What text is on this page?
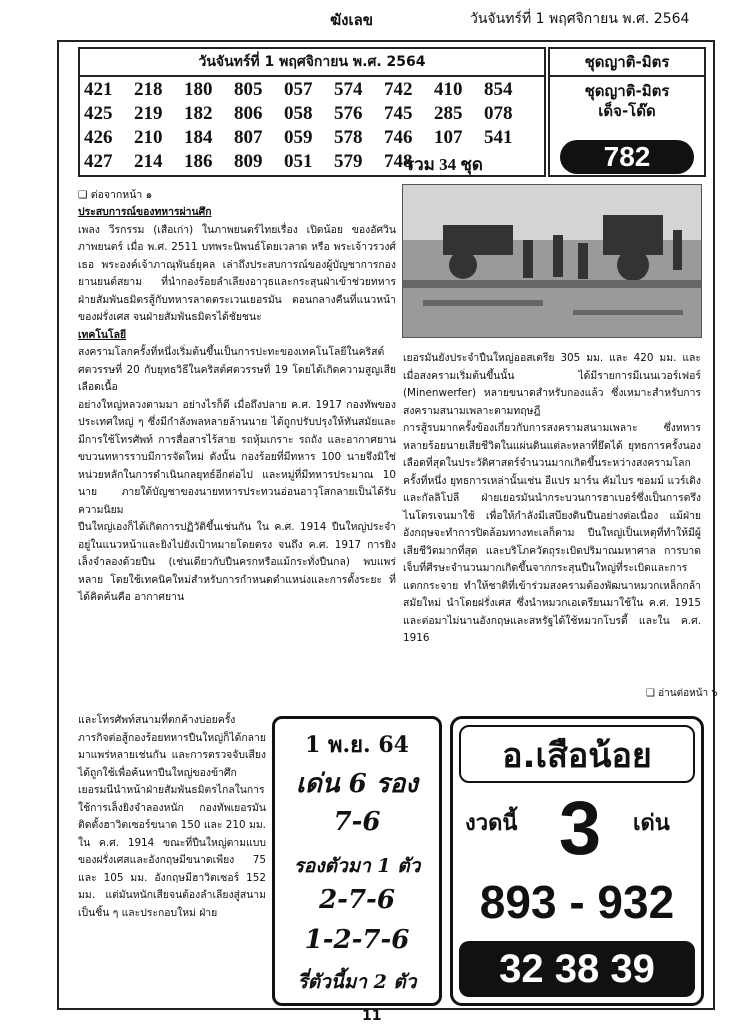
ฆังเลข	วันจันทร์ที่ 1 พฤศจิกายน พ.ศ. 2564
วันจันทร์ที่ 1 พฤศจิกายน พ.ศ. 2564
421	218	180	805	057	574	742	410	854
425	219	182	806	058	576	745	285	078
426	210	184	807	059	578	746	107	541
427	214	186	809	051	579	748
รวม 34 ชุด
ชุดญาติ-มิตร
ชุดญาติ-มิตร
เด็จ-โด๊ด
782
❑ ต่อจากหน้า ๑

ประสบการณ์ของทหารผ่านศึก

เพลง วีรกรรม (เสือเก่า) ในภาพยนตร์ไทยเรื่อง เปิดน้อย ของอัศวินภาพยนตร์ เมื่อ พ.ศ. 2511 บทพระนิพนธ์โดยเวลาด หรือ พระเจ้าวรวงศ์เธอ พระองค์เจ้าภาณุพันธ์ยุคล เล่าถึงประสบการณ์ของผู้บัญชาการกองยานยนต์สยาม ที่นำกองร้อยลำเลียงอาวุธและกระสุนฝ่าเข้าช่วยทหารฝ่ายสัมพันธมิตรสู้กับทหารลาดตระเวนเยอรมัน ตอนกลางคืนที่แนวหน้าของฝรั่งเศส จนฝ่ายสัมพันธมิตรได้ชัยชนะ

เทคโนโลยี

สงครามโลกครั้งที่หนึ่งเริ่มต้นขึ้นเป็นการปะทะของเทคโนโลยีในคริสต์ศตวรรษที่ 20 กับยุทธวิธีในคริสต์ศตวรรษที่ 19 โดยได้เกิดความสูญเสียเลือดเนื้อ

อย่างใหญ่หลวงตามมา อย่างไรก็ดี เมื่อถึงปลาย ค.ศ. 1917 กองทัพของประเทศใหญ่ ๆ ซึ่งมีกำลังพลหลายล้านนาย ได้ถูกปรับปรุงให้ทันสมัยและมีการใช้โทรศัพท์ การสื่อสารไร้สาย รถหุ้มเกราะ รถถัง และอากาศยาน ขบวนทหารราบมีการจัดใหม่ ดังนั้น กองร้อยที่มีทหาร 100 นายจึงมิใช่หน่วยหลักในการดำเนินกลยุทธ์อีกต่อไป และหมู่ที่มีทหารประมาณ 10 นาย ภายใต้บัญชาของนายทหารประทวนอ่อนอาวุโสกลายเป็นได้รับความนิยม

ปืนใหญ่เองก็ได้เกิดการปฏิวัติขึ้นเช่นกัน ใน ค.ศ. 1914 ปืนใหญ่ประจำอยู่ในแนวหน้าและยิงไปยังเป้าหมายโดยตรง จนถึง ค.ศ. 1917 การยิงเล็งจำลองด้วยปืน (เช่นเดียวกับปืนครกหรือแม้กระทั่งปืนกล) พบแพร่หลาย โดยใช้เทคนิคใหม่สำหรับการกำหนดตำแหน่งและการตั้งระยะ ที่ได้คิดค้นคือ อากาศยาน

และโทรศัพท์สนามที่ตกค้างบ่อยครั้ง ภารกิจต่อสู้กองร้อยทหารปืนใหญ่ก็ได้กลายมาแพร่หลายเช่นกัน และการตรวจจับเสียงได้ถูกใช้เพื่อค้นหาปืนใหญ่ของข้าศึก

เยอรมนีนำหน้าฝ่ายสัมพันธมิตรไกลในการใช้การเล็งยิงจำลองหนัก กองทัพเยอรมันติดตั้งฮาวิตเซอร์ขนาด 150 และ 210 มม. ใน ค.ศ. 1914 ขณะที่ปืนใหญ่ตามแบบของฝรั่งเศสและอังกฤษมีขนาดเพียง 75 และ 105 มม. อังกฤษมีฮาวิตเซอร์ 152 มม. แต่มันหนักเสียจนต้องลำเลียงสู่สนามเป็นชิ้น ๆ และประกอบใหม่ ฝ่าย

เยอรมันยังประจำปืนใหญ่ออสเตรีย 305 มม. และ 420 มม. และเมื่อสงครามเริ่มต้นขึ้นนั้น ได้มีรายการมีเนนเวอร์เฟอร์ (Minenwerfer) หลายขนาดสำหรับกองแล้ว ซึ่งเหมาะสำหรับการสงครามสนามเพลาะตามทฤษฎี

การสู้รบมากครั้งข้องเกี่ยวกับการสงครามสนามเพลาะ ซึ่งทหารหลายร้อยนายเสียชีวิตในแผ่นดินแต่ละหลาที่ยึดได้ ยุทธการครั้งนองเลือดที่สุดในประวัติศาสตร์จำนวนมากเกิดขึ้นระหว่างสงครามโลกครั้งที่หนึ่ง ยุทธการเหล่านั้นเช่น อีแปร มาร์น คัมไบร ซอมม์ แวร์เดิง และกัลลิโปลี ฝ่ายเยอรมันนำกระบวนการฮาเบอร์ซึ่งเป็นการตรึงไนโตรเจนมาใช้ เพื่อให้กำลังมีเสบียงดินปืนอย่างต่อเนื่อง แม้ฝ่ายอังกฤษจะทำการปิดล้อมทางทะเลก็ตาม ปืนใหญ่เป็นเหตุที่ทำให้มีผู้เสียชีวิตมากที่สุด และบริโภควัตถุระเบิดปริมาณมหาศาล การบาดเจ็บที่ศีรษะจำนวนมากเกิดขึ้นจากกระสุนปืนใหญ่ที่ระเบิดและการแตกกระจาย ทำให้ชาติที่เข้าร่วมสงครามต้องพัฒนาหมวกเหล็กกล้าสมัยใหม่ นำโดยฝรั่งเศส ซึ่งนำหมวกเอเดรียนมาใช้ใน ค.ศ. 1915 และต่อมาไม่นานอังกฤษและสหรัฐได้ใช้หมวกโบรดี้ และใน ค.ศ. 1916

❑ อ่านต่อหน้า ๖
1 พ.ย. 64
เด่น 6 รอง
7-6
รองตัวมา 1 ตัว
2-7-6
1-2-7-6
รี่ตัวนี้มา 2 ตัว
อ.เสือน้อย
งวดนี้ 3	เด่น
893 - 932
32 38 39
11
